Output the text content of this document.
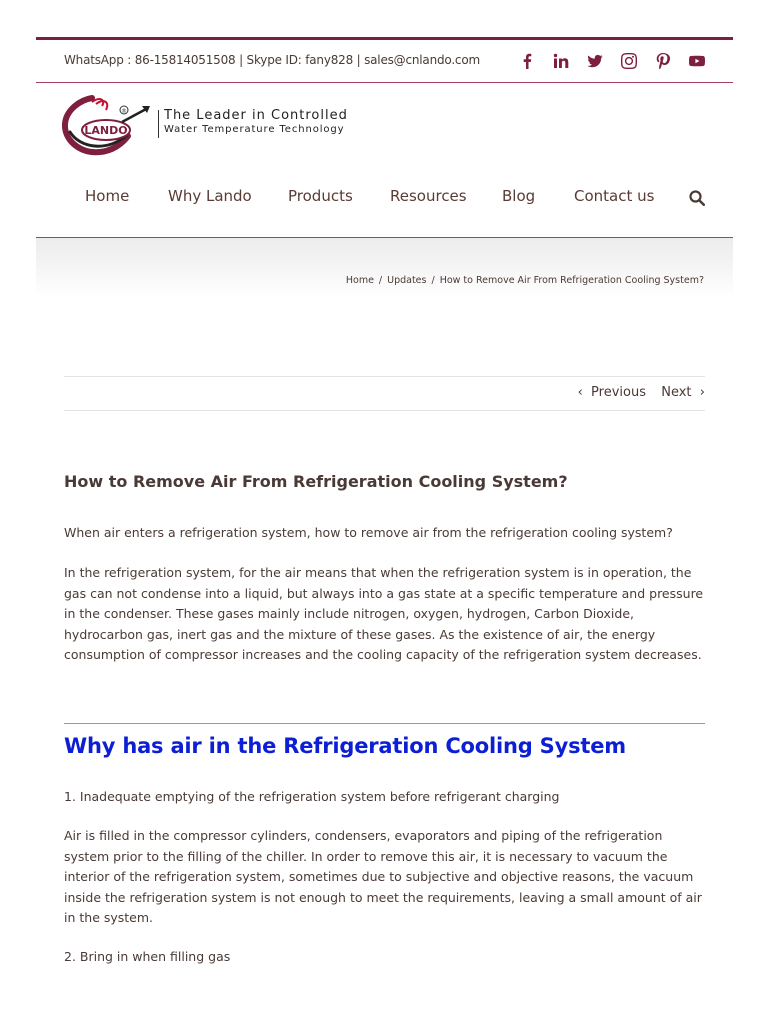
WhatsApp : 86-15814051508 | Skype ID: fany828 | sales@cnlando.com
LANDO
®	The Leader in Controlled
Water Temperature Technology
Home	Why Lando Products Resources Blog	Contact us
Home / Updates / How to Remove Air From Refrigeration Cooling System?
‹ Previous Next ›
How to Remove Air From Refrigeration Cooling System?

When air enters a refrigeration system, how to remove air from the refrigeration cooling system?

In the refrigeration system, for the air means that when the refrigeration system is in operation, the gas can not condense into a liquid, but always into a gas state at a specific temperature and pressure in the condenser. These gases mainly include nitrogen, oxygen, hydrogen, Carbon Dioxide, hydrocarbon gas, inert gas and the mixture of these gases. As the existence of air, the energy consumption of compressor increases and the cooling capacity of the refrigeration system decreases.

Why has air in the Refrigeration Cooling System

1. Inadequate emptying of the refrigeration system before refrigerant charging

Air is filled in the compressor cylinders, condensers, evaporators and piping of the refrigeration system prior to the filling of the chiller. In order to remove this air, it is necessary to vacuum the interior of the refrigeration system, sometimes due to subjective and objective reasons, the vacuum inside the refrigeration system is not enough to meet the requirements, leaving a small amount of air in the system.

2. Bring in when filling gas
